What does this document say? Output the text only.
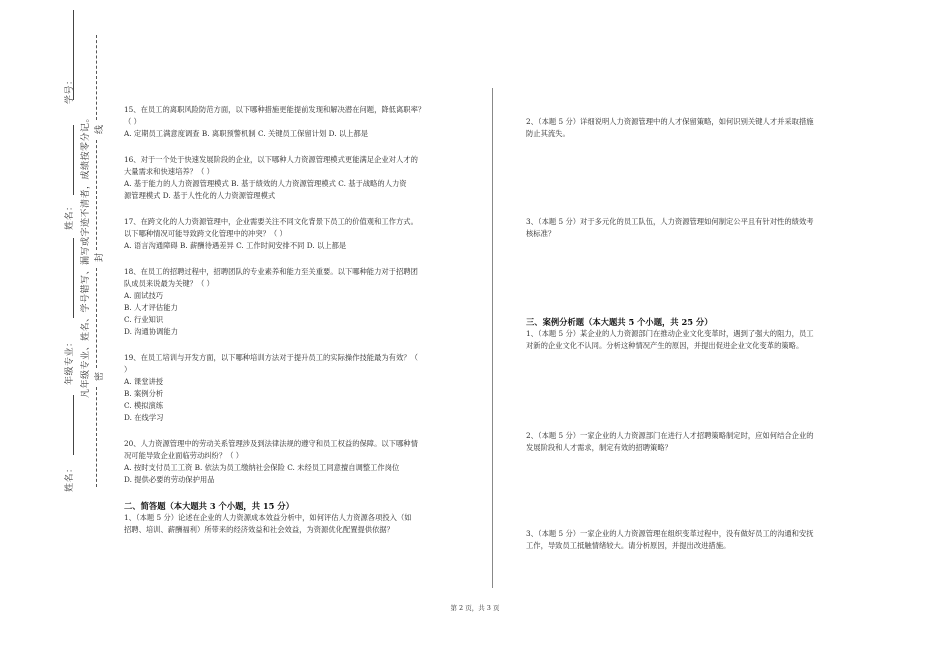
学号：
姓名：
年级专业：
姓名：
凡年级专业、姓名、学号错写、漏写或字迹不清者，成绩按零分记。 线
封
密

15、在员工的离职风险防范方面，以下哪种措施更能提前发现和解决潜在问题，降低离职率？

（ ）

A. 定期员工满意度调查 B. 离职预警机制 C. 关键员工保留计划 D. 以上都是

16、对于一个处于快速发展阶段的企业，以下哪种人力资源管理模式更能满足企业对人才的

大量需求和快速培养？（ ）

A. 基于能力的人力资源管理模式 B. 基于绩效的人力资源管理模式 C. 基于战略的人力资

源管理模式 D. 基于人性化的人力资源管理模式

17、在跨文化的人力资源管理中，企业需要关注不同文化背景下员工的价值观和工作方式。

以下哪种情况可能导致跨文化管理中的冲突？（ ）

A. 语言沟通障碍 B. 薪酬待遇差异 C. 工作时间安排不同 D. 以上都是

18、在员工的招聘过程中，招聘团队的专业素养和能力至关重要。以下哪种能力对于招聘团

队成员来说最为关键？（ ）

A. 面试技巧

B. 人才评估能力

C. 行业知识

D. 沟通协调能力

19、在员工培训与开发方面，以下哪种培训方法对于提升员工的实际操作技能最为有效？（

）

A. 课堂讲授

B. 案例分析

C. 模拟演练

D. 在线学习

20、人力资源管理中的劳动关系管理涉及到法律法规的遵守和员工权益的保障。以下哪种情

况可能导致企业面临劳动纠纷？（ ）

A. 按时支付员工工资 B. 依法为员工缴纳社会保险 C. 未经员工同意擅自调整工作岗位

D. 提供必要的劳动保护用品

二、简答题（本大题共 3 个小题，共 15 分）

1、（本题 5 分）论述在企业的人力资源成本效益分析中，如何评估人力资源各项投入（如

招聘、培训、薪酬福利）所带来的经济效益和社会效益，为资源优化配置提供依据？

2、（本题 5 分）详细说明人力资源管理中的人才保留策略，如何识别关键人才并采取措施

防止其流失。

3、（本题 5 分）对于多元化的员工队伍，人力资源管理如何制定公平且有针对性的绩效考

核标准？

三、案例分析题（本大题共 5 个小题，共 25 分）

1、（本题 5 分）某企业的人力资源部门在推动企业文化变革时，遇到了强大的阻力，员工

对新的企业文化不认同。分析这种情况产生的原因，并提出促进企业文化变革的策略。

2、（本题 5 分）一家企业的人力资源部门在进行人才招聘策略制定时，应如何结合企业的

发展阶段和人才需求，制定有效的招聘策略？

3、（本题 5 分）一家企业的人力资源管理在组织变革过程中，没有做好员工的沟通和安抚

工作，导致员工抵触情绪较大。请分析原因，并提出改进措施。

第 2 页，共 3 页
